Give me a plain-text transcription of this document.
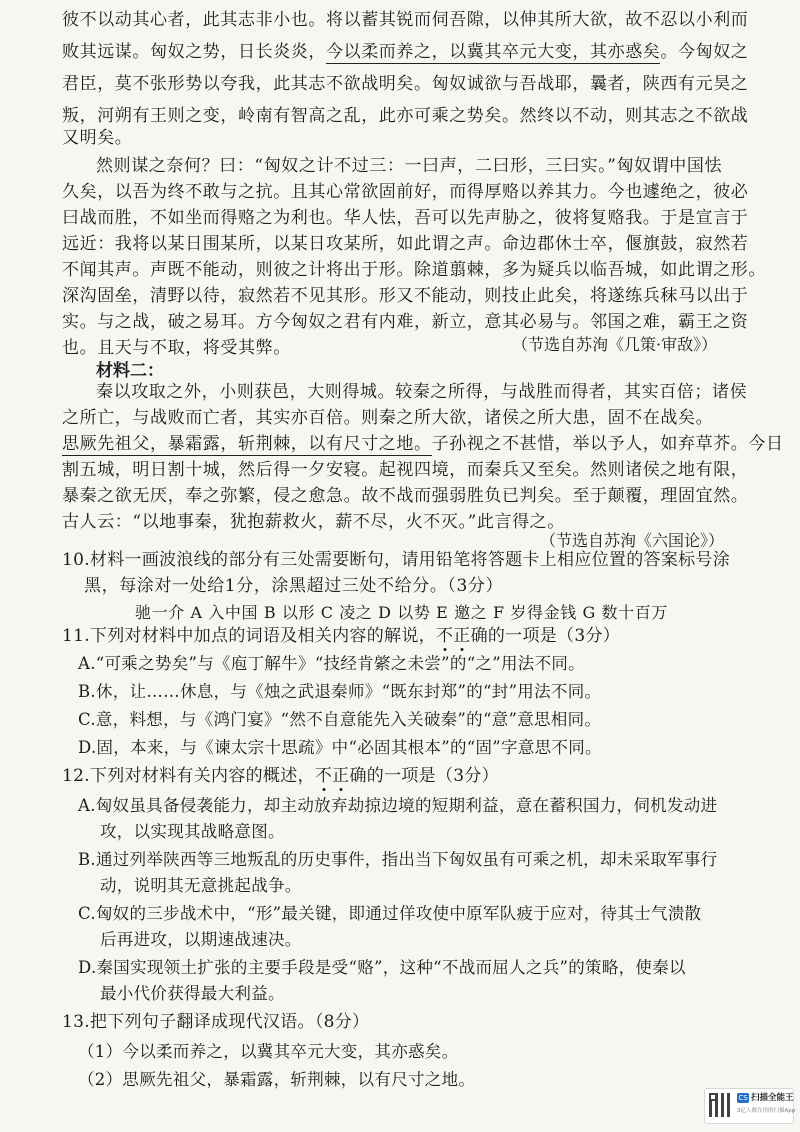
彼不以动其心者，此其志非小也。将以蓄其锐而伺吾隙，以伸其所大欲，故不忍以小利而
败其远谋。匈奴之势，日长炎炎，今以柔而养之，以冀其卒元大变，其亦惑矣。今匈奴之
君臣，莫不张形势以夸我，此其志不欲战明矣。匈奴诚欲与吾战耶，曩者，陕西有元昊之
叛，河朔有王则之变，岭南有智高之乱，此亦可乘之势矣。然终以不动，则其志之不欲战
又明矣。
然则谋之奈何？曰：“匈奴之计不过三：一曰声，二曰形，三曰实。”匈奴谓中国怯
久矣，以吾为终不敢与之抗。且其心常欲固前好，而得厚赂以养其力。今也遽绝之，彼必
曰战而胜，不如坐而得赂之为利也。华人怯，吾可以先声胁之，彼将复赂我。于是宣言于
远近：我将以某日围某所，以某日攻某所，如此谓之声。命边郡休士卒，偃旗鼓，寂然若
不闻其声。声既不能动，则彼之计将出于形。除道翦棘，多为疑兵以临吾城，如此谓之形。
深沟固垒，清野以待，寂然若不见其形。形又不能动，则技止此矣，将遂练兵秣马以出于
实。与之战，破之易耳。方今匈奴之君有内难，新立，意其必易与。邻国之难，霸王之资
也。且天与不取，将受其弊。	（节选自苏洵《几策·审敌》）
材料二：
秦以攻取之外，小则获邑，大则得城。较秦之所得，与战胜而得者，其实百倍；诸侯
之所亡，与战败而亡者，其实亦百倍。则秦之所大欲，诸侯之所大患，固不在战矣。
思厥先祖父，暴霜露，斩荆棘，以有尺寸之地。子孙视之不甚惜，举以予人，如弃草芥。今日
割五城，明日割十城，然后得一夕安寝。起视四境，而秦兵又至矣。然则诸侯之地有限，
暴秦之欲无厌，奉之弥繁，侵之愈急。故不战而强弱胜负已判矣。至于颠覆，理固宜然。
古人云：“以地事秦，犹抱薪救火，薪不尽，火不灭。”此言得之。
（节选自苏洵《六国论》）
10.材料一画波浪线的部分有三处需要断句，请用铅笔将答题卡上相应位置的答案标号涂
黑，每涂对一处给1分，涂黑超过三处不给分。（3分）
驰一介 A 入中国 B 以形 C 凌之 D 以势 E 邀之 F 岁得金钱 G 数十百万
11.下列对材料中加点的词语及相关内容的解说，不正确的一项是（3分）
A.“可乘之势矣”与《庖丁解牛》“技经肯綮之未尝”的“之”用法不同。
B.休，让……休息，与《烛之武退秦师》“既东封郑”的“封”用法不同。
C.意，料想，与《鸿门宴》“然不自意能先入关破秦”的“意”意思相同。
D.固，本来，与《谏太宗十思疏》中“必固其根本”的“固”字意思不同。
12.下列对材料有关内容的概述，不正确的一项是（3分）
A.匈奴虽具备侵袭能力，却主动放弃劫掠边境的短期利益，意在蓄积国力，伺机发动进
攻，以实现其战略意图。
B.通过列举陕西等三地叛乱的历史事件，指出当下匈奴虽有可乘之机，却未采取军事行
动，说明其无意挑起战争。
C.匈奴的三步战术中，“形”最关键，即通过佯攻使中原军队疲于应对，待其士气溃散
后再进攻，以期速战速决。
D.秦国实现领土扩张的主要手段是受“赂”，这种“不战而屈人之兵”的策略，使秦以
最小代价获得最大利益。
13.把下列句子翻译成现代汉语。（8分）
（1）今以柔而养之，以冀其卒元大变，其亦惑矣。
（2）思厥先祖父，暴霜露，斩荆棘，以有尺寸之地。
CS 扫描全能王
3亿人都在用的扫描App
